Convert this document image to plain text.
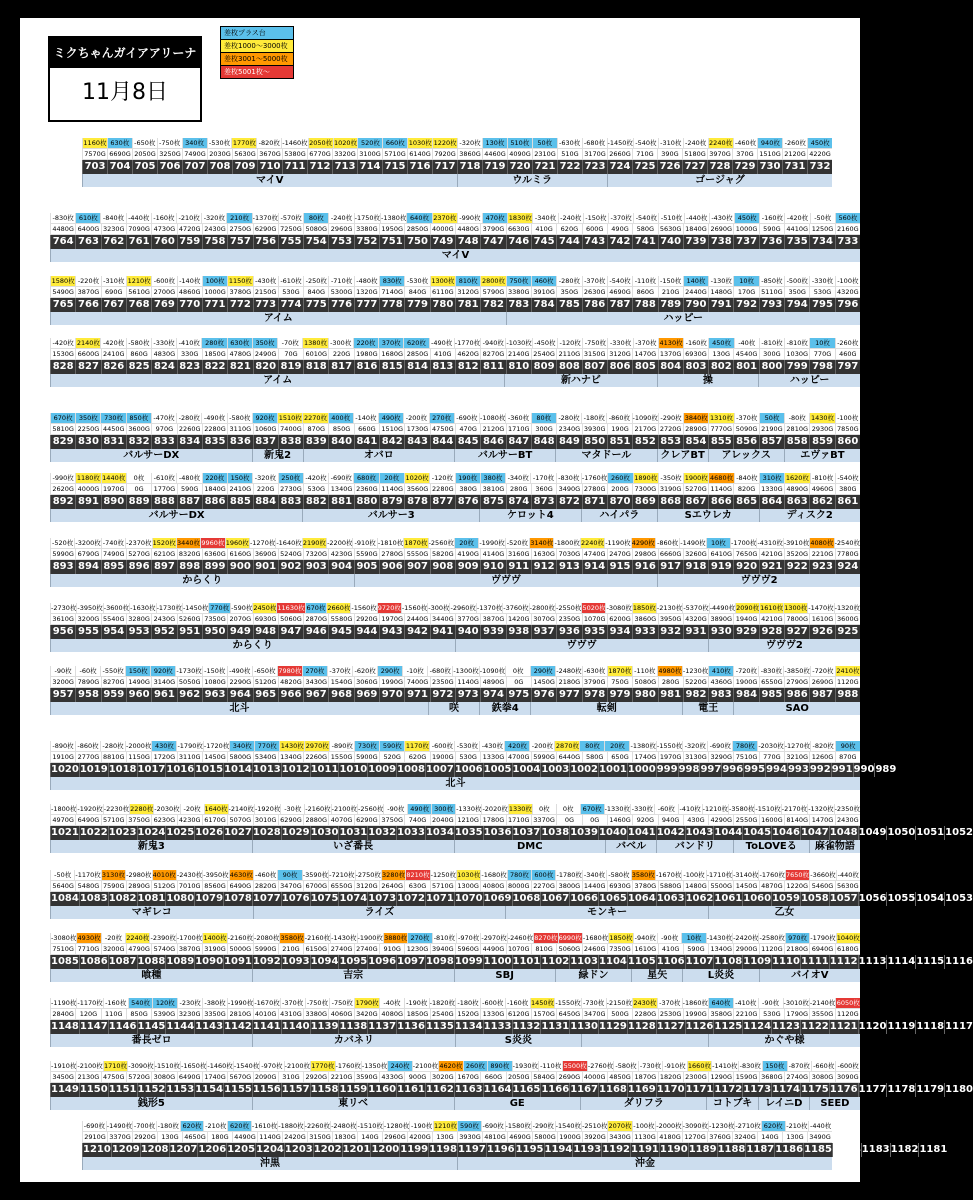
ミクちゃんガイアアリーナ
11月8日
差枚プラス台
差枚1000～3000枚
差枚3001～5000枚
差枚5001枚～
1160枚 630枚 -650枚 -750枚 340枚 -530枚 1770枚 -820枚 -1460枚 2050枚 1020枚 520枚 660枚 1030枚 1220枚 -320枚 130枚 510枚	50枚	-630枚 -680枚 -1450枚 -540枚 -310枚 -240枚 2240枚 -460枚 940枚 -260枚 450枚
7570G 6690G 2050G 3250G 7490G 2030G 5630G 3670G 5380G 6770G 3320G 3100G 5710G 6140G 7920G 3860G 4460G 4090G 2310G 510G 3170G 2660G 710G	390G 5180G 3970G 370G 1510G 2120G 4220G
703 704 705 706 707 708 709 710 711 712 713 714 715 716 717 718 719 720 721 722 723 724 725 726 727 728 729 730 731 732
マイV	ウルミラ	ゴージャグ
-830枚 610枚 -840枚 -440枚 -160枚 -210枚 -320枚 210枚 -1370枚 -570枚	80枚	-240枚 -1750枚 -1380枚 640枚 2370枚 -990枚 470枚 1830枚 -340枚 -240枚 -150枚 -370枚 -540枚 -510枚 -440枚 -430枚 450枚 -160枚 -420枚 -50枚	560枚
4480G 6400G 3230G 7090G 4730G 4720G 2430G 2750G 6290G 7250G 5080G 2960G 3380G 1950G 2850G 4000G 4480G 3790G 6630G 410G	620G	600G	490G	580G 5630G 1840G 2690G 1000G 590G 4410G 1250G 2160G
764 763 762 761 760 759 758 757 756 755 754 753 752 751 750 749 748 747 746 745 744 743 742 741 740 739 738 737 736 735 734 733
マイV
1580枚 -220枚 -310枚 1210枚 -600枚 -140枚 100枚 1150枚 -430枚 -610枚 -250枚 -710枚 -480枚 830枚 -530枚 1300枚 810枚 2800枚 750枚 460枚 -280枚 -370枚 -540枚 -110枚 -150枚 140枚 -130枚	10枚	-850枚 -500枚 -330枚 -100枚
5490G 3870G 690G 5610G 2700G 4860G 1000G 3780G 2150G 530G	840G 5300G 1320G 7140G 840G 6110G 3120G 5790G 3380G 3910G 350G 2630G 4690G 860G	210G 2440G 1480G 170G 5110G 350G	530G 4320G
765 766 767 768 769 770 771 772 773 774 775 776 777 778 779 780 781 782 783 784 785 786 787 788 789 790 791 792 793 794 795 796
アイム	ハッピー
-420枚 2140枚 -420枚 -580枚 -330枚 -410枚 280枚 630枚 350枚	-70枚 1380枚 -300枚 220枚 370枚 620枚 -490枚 -1770枚 -940枚 -1030枚 -450枚 -120枚 -750枚 -330枚 -370枚 4130枚 -160枚 450枚	-40枚 -810枚 -810枚	10枚	-260枚
1530G 6600G 2410G 860G 4830G 330G 1850G 4780G 2490G	70G	6010G 220G 1980G 1680G 2850G 410G 4620G 8270G 2140G 2540G 2110G 3150G 3120G 1470G 1370G 6930G 130G 4540G 300G 1030G 770G	460G
828 827 826 825 824 823 822 821 820 819 818 817 816 815 814 813 812 811 810 809 808 807 806 805 804 803 802 801 800 799 798 797
アイム	新ハナビ	操	ハッピー
670枚 350枚 730枚 850枚 -470枚 -280枚 -490枚 -580枚 920枚 1510枚 2270枚 400枚 -140枚 490枚 -200枚 270枚 -690枚 -1080枚 -360枚	80枚	-280枚 -180枚 -860枚 -1090枚 -290枚 3840枚 1310枚 -370枚	50枚	-80枚 1430枚 -100枚
5810G 2250G 4450G 3600G 970G 2260G 2280G 3110G 1060G 7400G 870G	850G	660G 1510G 1730G 4750G 470G 2120G 1710G 300G 2340G 3930G 190G 2170G 2720G 2890G 7770G 5090G 2190G 2810G 2930G 7850G
829 830 831 832 833 834 835 836 837 838 839 840 841 842 843 844 845 846 847 848 849 850 851 852 853 854 855 856 857 858 859 860
バルサーDX	新鬼2	オバロ	バルサーBT	マタドール	クレアBT	アレックス	エヴァBT
-990枚 1180枚 1440枚	0枚	-610枚 -480枚 220枚 150枚 -320枚 250枚 -420枚 -690枚 680枚	20枚 1020枚 -120枚 190枚 380枚 -340枚 -170枚 -830枚 -1760枚 260枚 1890枚 -350枚 1900枚 4680枚 -840枚 310枚 1620枚 -810枚 -540枚
2620G 4000G 1970G	0G	1770G 590G 1840G 2410G 220G 2730G 530G 1340G 2360G 1140G 3560G 2280G 380G 3810G 280G	360G 3490G 2780G 200G 7300G 3190G 5270G 1140G 820G 1330G 4890G 4960G 380G
892 891 890 889 888 887 886 885 884 883 882 881 880 879 878 877 876 875 874 873 872 871 870 869 868 867 866 865 864 863 862 861
バルサーDX	バルサー3	ケロット4	ハイパラ	Sエウレカ	ディスク2
-520枚 -3200枚 -740枚 -2370枚 1520枚 3440枚 9960枚 1960枚 -1270枚 -1640枚 2190枚 -2200枚 -910枚 -1810枚 1870枚 -2560枚 20枚 -1990枚 -520枚 3140枚 -1800枚 2240枚 -1190枚 4290枚 -860枚 -1490枚 10枚 -1700枚 -4310枚 -3910枚 4080枚 -2540枚
5990G 6790G 7490G 5270G 6210G 8320G 6360G 6160G 3690G 5240G 7320G 4230G 5590G 2780G 5550G 5820G 4190G 4140G 3160G 1630G 7030G 4740G 2470G 2980G 6660G 3260G 6410G 7650G 4210G 3520G 2210G 7780G
893 894 895 896 897 898 899 900 901 902 903 904 905 906 907 908 909 910 911 912 913 914 915 916 917 918 919 920 921 922 923 924
からくり	ヴヴヴ	ヴヴヴ2
-2730枚 -3950枚 -3600枚 -1630枚 -1730枚 -1450枚 770枚 -590枚 2450枚 11630枚 670枚 2660枚 -1560枚 9720枚 -1560枚 -300枚 -2960枚 -1370枚 -3760枚 -2800枚 -2550枚 5020枚 -3080枚 1850枚 -2130枚 -5370枚 -4490枚 2090枚 1610枚 1300枚 -1470枚 -1320枚
3610G 3200G 5540G 3280G 2430G 5260G 7350G 2070G 6930G 5060G 2870G 5580G 2920G 1970G 2440G 3440G 3770G 3870G 1420G 3070G 2350G 1070G 6200G 3860G 3950G 4320G 3890G 1940G 4210G 7800G 1610G 3600G
956 955 954 953 952 951 950 949 948 947 946 945 944 943 942 941 940 939 938 937 936 935 934 933 932 931 930 929 928 927 926 925
からくり	ヴヴヴ	ヴヴヴ2
-90枚	-60枚 -550枚 150枚 920枚 -1730枚 -150枚 -490枚 -650枚 7980枚 270枚 -370枚 -620枚 290枚	-10枚 -680枚 -1300枚 -1090枚	0枚	290枚 -2480枚 -630枚 1870枚 -110枚 4980枚 -1230枚 410枚 -720枚 -830枚 -3850枚 -720枚 2410枚
3200G 7890G 8270G 1490G 3140G 5050G 1080G 2290G 5120G 4820G 3430G 1540G 3060G 1990G 7400G 2350G 1140G 4890G	0G	1450G 2180G 3790G 750G 5080G 280G 5220G 4360G 1900G 6550G 2790G 2690G 1120G
957 958 959 960 961 962 963 964 965 966 967 968 969 970 971 972 973 974 975 976 977 978 979 980 981 982 983 984 985 986 987 988
北斗	咲	鉄拳4	転剣	電王	SAO
-890枚 -860枚 -280枚 -2000枚 430枚 -1790枚 -1720枚 340枚 770枚 1430枚 2970枚 -890枚 730枚 590枚 1170枚 -600枚 -530枚 -430枚 420枚 -200枚 2870枚 80枚	20枚 -1380枚 -1550枚 -320枚 -690枚 780枚 -2030枚 -1270枚 -820枚	90枚
1910G 2770G 8810G 1150G 1720G 3110G 1450G 5800G 5340G 1340G 2260G 1550G 5900G 520G	620G 1900G 530G 1330G 4700G 5990G 6440G 580G	650G 1740G 1970G 3130G 3290G 7510G 770G 3210G 1260G 870G
1020 1019 1018 1017 1016 1015 1014 1013 1012 1011 1010 1009 1008 1007 1006 1005 1004 1003 1002 1001 1000 999 998 997 996 995 994 993 992 991 990 989
北斗
-1800枚 -1920枚 -2230枚 2280枚 -2030枚 -20枚 1640枚 -2140枚 -1920枚 -30枚 -2160枚 -2100枚 -2560枚 -90枚 490枚 300枚 -1330枚 -2020枚 1330枚	0枚	0枚	670枚 -1330枚 -330枚 -60枚 -410枚 -1210枚 -3580枚 -1510枚 -2170枚 -1320枚 -2350枚
4970G 6490G 5710G 3750G 6230G 4230G 6170G 5070G 3010G 6290G 2880G 4070G 6290G 3750G 740G 2040G 1210G 1780G 1710G 3370G	0G	0G	1460G 920G	940G	430G 4290G 2550G 1600G 8140G 1470G 2430G
1021 1022 1023 1024 1025 1026 1027 1028 1029 1030 1031 1032 1033 1034 1035 1036 1037 1038 1039 1040 1041 1042 1043 1044 1045 1046 1047 1048 1049 1050 1051 1052
新鬼3	いざ番長	DMC	バベル	バンドリ	ToLOVEる	麻雀物語
-50枚 -1170枚 3130枚 -2980枚 4010枚 -2430枚 -3950枚 4630枚 -460枚 90枚 -3590枚 -7210枚 -2750枚 3280枚 8210枚 -1250枚 1030枚 -1680枚 780枚 600枚 -1780枚 -340枚 -580枚 3580枚 -1670枚 -100枚 -1710枚 -3140枚 -1760枚 7650枚 -3660枚 -440枚
5640G 5480G 7590G 2890G 5120G 7010G 8560G 6490G 2820G 3470G 6700G 6550G 3120G 2640G 630G 5710G 1300G 4080G 8000G 2270G 3800G 1440G 6930G 3780G 5880G 1480G 5500G 1450G 4870G 1220G 5460G 5630G
1084 1083 1082 1081 1080 1079 1078 1077 1076 1075 1074 1073 1072 1071 1070 1069 1068 1067 1066 1065 1064 1063 1062 1061 1060 1059 1058 1057 1056 1055 1054 1053
マギレコ	ライズ	モンキー	乙女
-3080枚 4930枚 -20枚 2240枚 -2390枚 -1700枚 1400枚 -2160枚 -2080枚 3580枚 -2160枚 -1430枚 -1900枚 3880枚 270枚 -810枚 -970枚 -2970枚 -2460枚 8270枚 6990枚 -1680枚 1850枚 -940枚 -90枚	10枚 -1430枚 -2420枚 -2580枚 970枚 -1790枚 1040枚
7510G 7710G 3200G 4790G 5740G 3870G 3190G 5000G 5990G 210G 6150G 2740G 2740G 910G 1230G 3940G 5960G 4490G 1070G 810G 5060G 2460G 7350G 1610G 410G	590G 1340G 2900G 1120G 2180G 6940G 6180G
1085 1086 1087 1088 1089 1090 1091 1092 1093 1094 1095 1096 1097 1098 1099 1100 1101 1102 1103 1104 1105 1106 1107 1108 1109 1110 1111 1112 1113 1114 1115 1116
喰種	吉宗	SBJ	緑ドン	星矢	L炎炎	バイオV
-1190枚 -1170枚 -160枚 540枚 120枚 -230枚 -380枚 -1990枚 -1670枚 -370枚 -750枚 -750枚 1790枚 -40枚 -190枚 -1820枚 -180枚 -600枚 -160枚 1450枚 -1550枚 -730枚 -2150枚 2430枚 -370枚 -1860枚 640枚 -410枚 -90枚 -3010枚 -2140枚 6050枚
2840G 120G	110G	850G 5390G 3230G 3350G 2810G 4010G 4310G 3380G 4060G 3420G 4080G 1850G 2540G 1520G 1330G 6120G 1570G 6450G 3470G 500G 2280G 2530G 1990G 3580G 2210G 530G 1790G 3550G 1120G
1148 1147 1146 1145 1144 1143 1142 1141 1140 1139 1138 1137 1136 1135 1134 1133 1132 1131 1130 1129 1128 1127 1126 1125 1124 1123 1122 1121 1120 1119 1118 1117
番長ゼロ	カバネリ	S炎炎	かぐや様
-1910枚 -2100枚 1710枚 -3090枚 -1510枚 -1650枚 -1460枚 -1540枚 -970枚 -2100枚 1770枚 -1760枚 -1350枚 240枚 -2100枚 4620枚 260枚 890枚 -1930枚 -110枚 5500枚 -2760枚 -580枚 -730枚 -910枚 1660枚 -1410枚 -830枚 150枚 -870枚 -660枚 -600枚
3450G 2130G 4750G 5720G 3080G 6490G 1740G 5670G 2090G 310G 2920G 2210G 3590G 4330G 900G 3020G 1670G 660G 2050G 5840G 2690G 4000G 4850G 1870G 1820G 2300G 1290G 1590G 3680G 2740G 3080G 3090G
1149 1150 1151 1152 1153 1154 1155 1156 1157 1158 1159 1160 1161 1162 1163 1164 1165 1166 1167 1168 1169 1170 1171 1172 1173 1174 1175 1176 1177 1178 1179 1180
銭形5	東リベ	GE	ダリフラ	コトブキ	レイニD	SEED
-690枚 -1490枚 -700枚 -180枚 620枚 -210枚 620枚 -1610枚 -1880枚 -2260枚 -2480枚 -1510枚 -1280枚 -190枚 1210枚 590枚 -690枚 -1580枚 -290枚 -1540枚 -2510枚 2070枚 -100枚 -2000枚 -3090枚 -1230枚 -2710枚 620枚 -210枚 -440枚
2910G 3370G 2920G 130G 4650G 180G 4490G 1140G 2420G 3150G 1830G 140G 2960G 4200G 130G 3930G 4810G 4690G 5800G 1900G 3920G 3430G 1130G 4180G 1270G 3760G 3240G 140G	130G 3490G
1210 1209 1208 1207 1206 1205 1204 1203 1202 1201 1200 1199 1198 1197 1196 1195 1194 1193 1192 1191 1190 1189 1188 1187 1186 1185 1184 1183 1182 1181
沖黒	沖金
